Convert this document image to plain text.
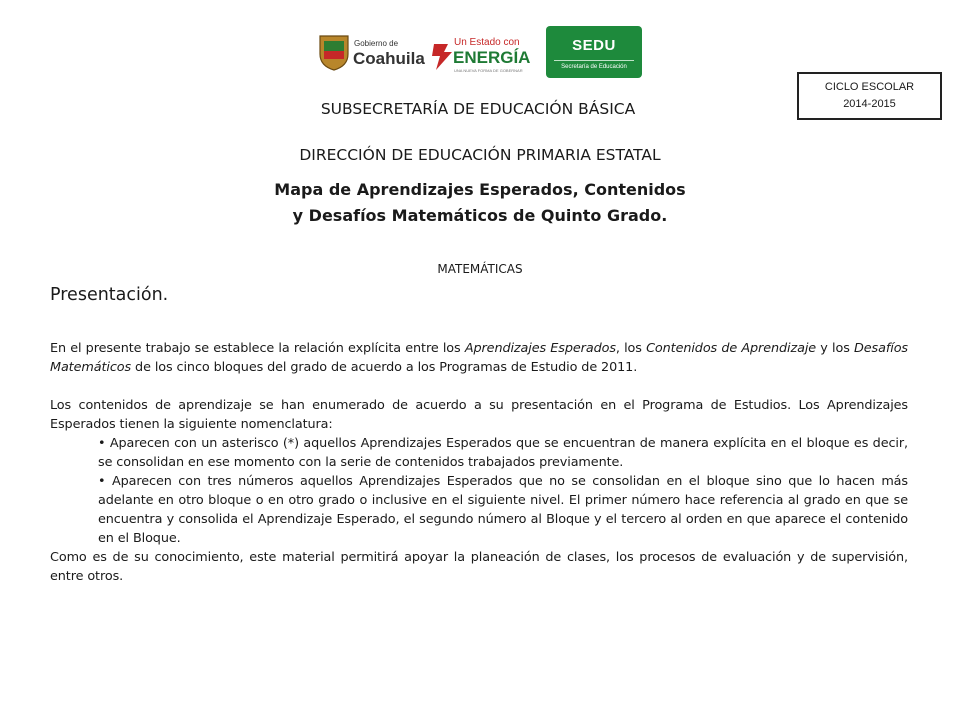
Gobierno de
Coahuila
Un Estado con
ENERGÍA
UNA NUEVA FORMA DE GOBERNAR
SEDU
Secretaría de Educación
CICLO ESCOLAR
2014-2015
SUBSECRETARÍA DE EDUCACIÓN BÁSICA
DIRECCIÓN DE EDUCACIÓN PRIMARIA ESTATAL
Mapa de Aprendizajes Esperados, Contenidos
y Desafíos Matemáticos de Quinto Grado.
MATEMÁTICAS
Presentación.

En el presente trabajo se establece la relación explícita entre los Aprendizajes Esperados, los Contenidos de Aprendizaje y los Desafíos Matemáticos de los cinco bloques del grado de acuerdo a los Programas de Estudio de 2011.

Los contenidos de aprendizaje se han enumerado de acuerdo a su presentación en el Programa de Estudios. Los Aprendizajes Esperados tienen la siguiente nomenclatura:

• Aparecen con un asterisco (*) aquellos Aprendizajes Esperados que se encuentran de manera explícita en el bloque es decir, se consolidan en ese momento con la serie de contenidos trabajados previamente.

• Aparecen con tres números aquellos Aprendizajes Esperados que no se consolidan en el bloque sino que lo hacen más adelante en otro bloque o en otro grado o inclusive en el siguiente nivel. El primer número hace referencia al grado en que se encuentra y consolida el Aprendizaje Esperado, el segundo número al Bloque y el tercero al orden en que aparece el contenido en el Bloque.

Como es de su conocimiento, este material permitirá apoyar la planeación de clases, los procesos de evaluación y de supervisión, entre otros.
